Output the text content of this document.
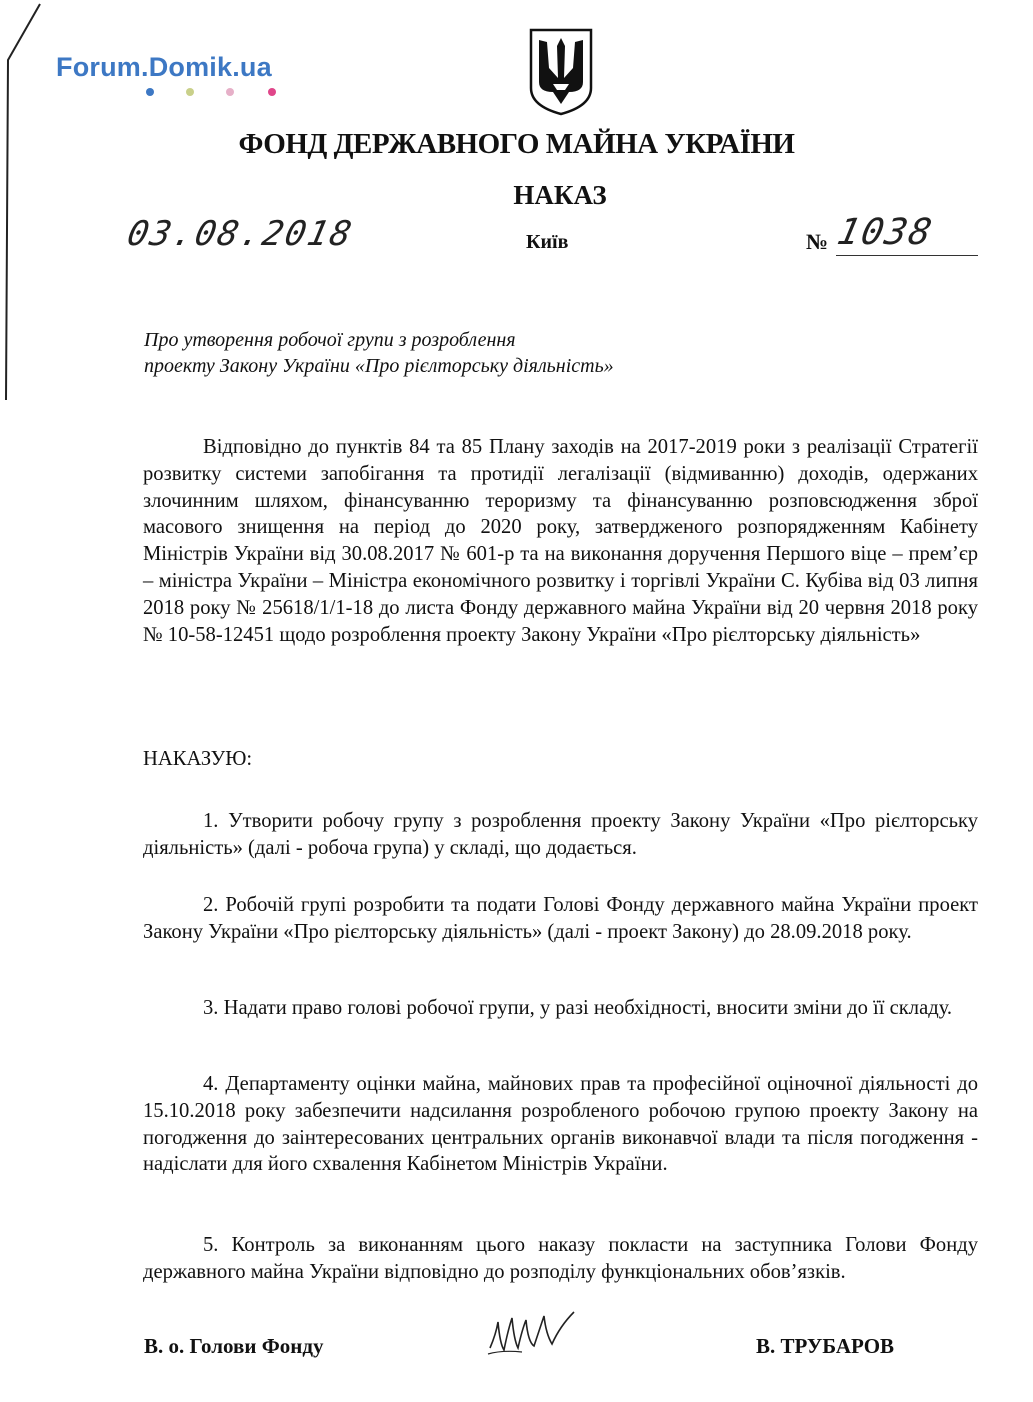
Forum.Domik.ua
ФОНД ДЕРЖАВНОГО МАЙНА УКРАЇНИ
НАКАЗ
03.08.2018	Київ	№ 1038
Про утворення робочої групи з розроблення
проекту Закону України «Про рієлторську діяльність»

Відповідно до пунктів 84 та 85 Плану заходів на 2017-2019 роки з реалізації Стратегії розвитку системи запобігання та протидії легалізації (відмиванню) доходів, одержаних злочинним шляхом, фінансуванню тероризму та фінансуванню розповсюдження зброї масового знищення на період до 2020 року, затвердженого розпорядженням Кабінету Міністрів України від 30.08.2017 № 601-р та на виконання доручення Першого віце – прем’єр – міністра України – Міністра економічного розвитку і торгівлі України С. Кубіва від 03 липня 2018 року № 25618/1/1-18 до листа Фонду державного майна України від 20 червня 2018 року № 10-58-12451 щодо розроблення проекту Закону України «Про рієлторську діяльність»

НАКАЗУЮ:

1. Утворити робочу групу з розроблення проекту Закону України «Про рієлторську діяльність» (далі - робоча група) у складі, що додається.

2. Робочій групі розробити та подати Голові Фонду державного майна України проект Закону України «Про рієлторську діяльність» (далі - проект Закону) до 28.09.2018 року.

3. Надати право голові робочої групи, у разі необхідності, вносити зміни до її складу.

4. Департаменту оцінки майна, майнових прав та професійної оціночної діяльності до 15.10.2018 року забезпечити надсилання розробленого робочою групою проекту Закону на погодження до заінтересованих центральних органів виконавчої влади та після погодження - надіслати для його схвалення Кабінетом Міністрів України.

5. Контроль за виконанням цього наказу покласти на заступника Голови Фонду державного майна України відповідно до розподілу функціональних обов’язків.

В. о. Голови Фонду	В. ТРУБАРОВ
